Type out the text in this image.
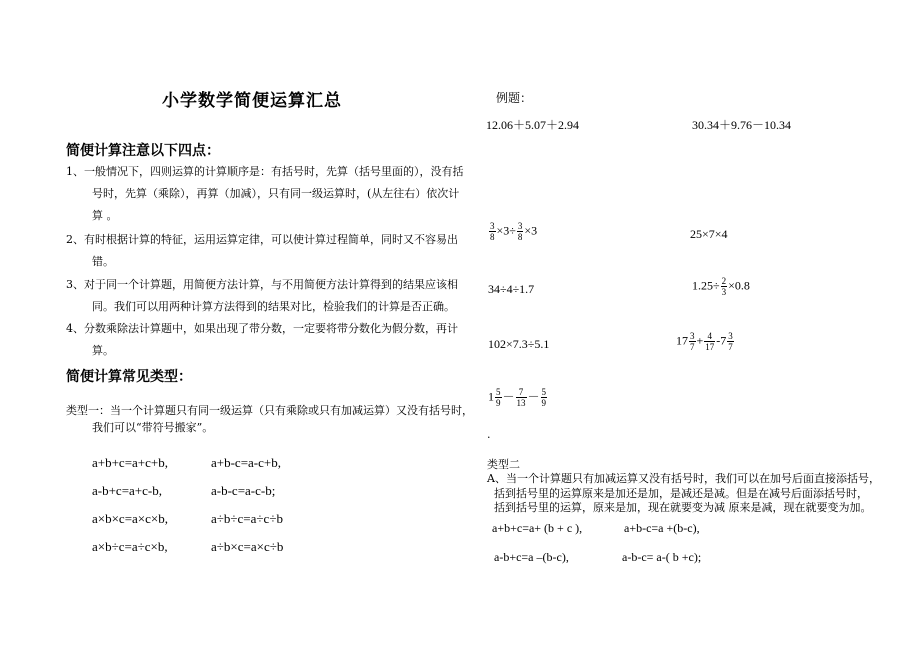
小学数学简便运算汇总
简便计算注意以下四点：
1、一般情况下，四则运算的计算顺序是：有括号时，先算（括号里面的），没有括
号时，先算（乘除），再算（加减），只有同一级运算时，(从左往右）依次计
算 。
2、有时根据计算的特征，运用运算定律，可以使计算过程简单，同时又不容易出
错。
3、对于同一个计算题，用简便方法计算，与不用简便方法计算得到的结果应该相
同。我们可以用两种计算方法得到的结果对比，检验我们的计算是否正确。
4、分数乘除法计算题中，如果出现了带分数，一定要将带分数化为假分数，再计
算。
简便计算常见类型：
类型一：当一个计算题只有同一级运算（只有乘除或只有加减运算）又没有括号时，
我们可以“带符号搬家”。
a+b+c=a+c+b,	a+b-c=a-c+b,
a-b+c=a+c-b,	a-b-c=a-c-b;
a×b×c=a×c×b,	a÷b÷c=a÷c÷b
a×b÷c=a÷c×b,	a÷b×c=a×c÷b
例题：
12.06＋5.07＋2.94	30.34＋9.76－10.34
$\frac{3}{8} \times 3\div \frac{3}{8} \times 3$	25×7×4
34÷4÷1.7	$1.25\div \frac{2}{3} \times 0.8$
102×7.3÷5.1	$17 \frac{3}{7} + \frac{4}{17} -7 \frac{3}{7}$
$1 \frac{5}{9} - \frac{7}{13} - \frac{5}{9}$
.
类型二
A、当一个计算题只有加减运算又没有括号时，我们可以在加号后面直接添括号，
括到括号里的运算原来是加还是加，是减还是减。但是在减号后面添括号时，
括到括号里的运算，原来是加，现在就要变为减 原来是减，现在就要变为加。
a+b+c=a+ (b + c ),	a+b-c=a +(b-c),
a-b+c=a –(b-c),	a-b-c= a-( b +c);
